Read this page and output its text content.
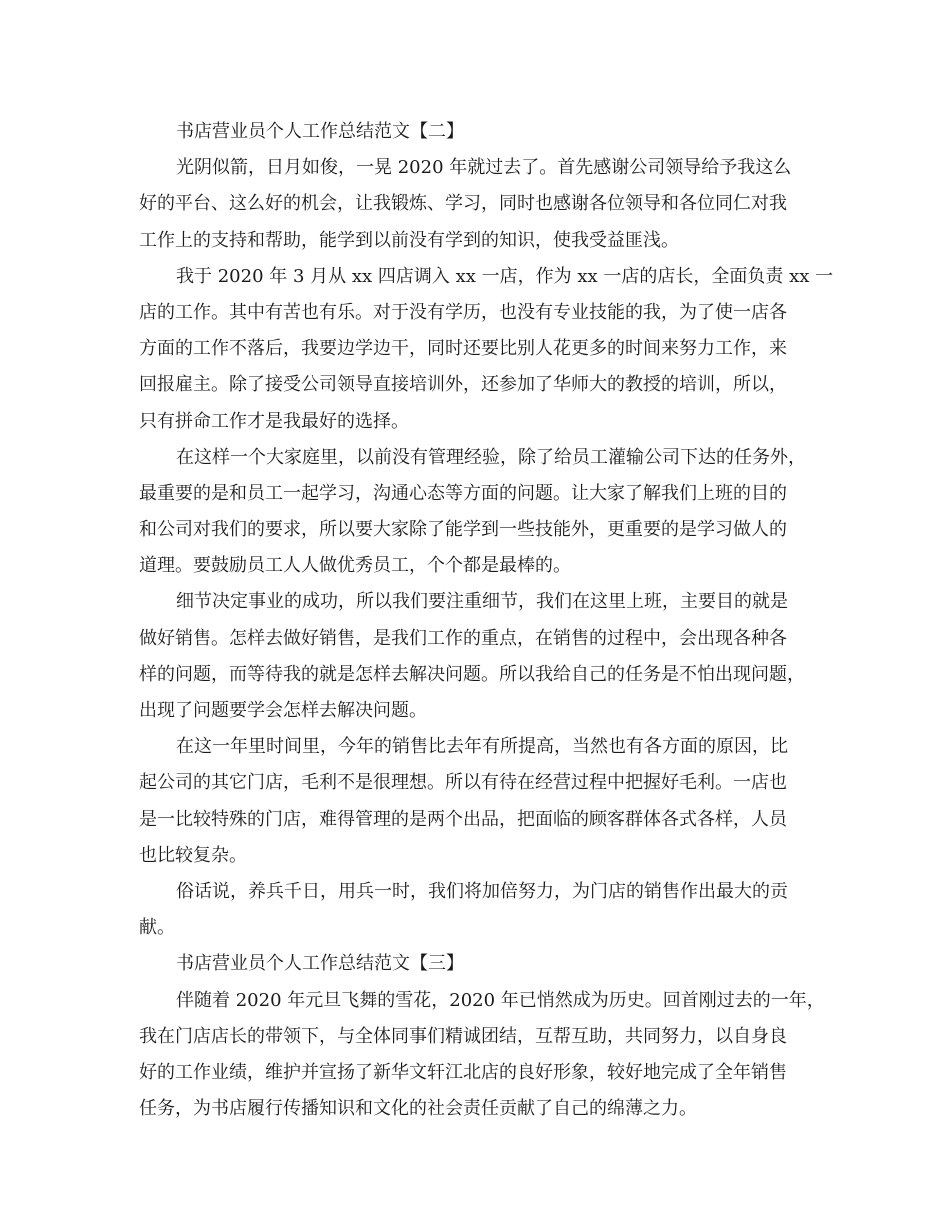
书店营业员个人工作总结范文【二】
光阴似箭，日月如俊，一晃 2020 年就过去了。首先感谢公司领导给予我这么
好的平台、这么好的机会，让我锻炼、学习，同时也感谢各位领导和各位同仁对我
工作上的支持和帮助，能学到以前没有学到的知识，使我受益匪浅。
我于 2020 年 3 月从 xx 四店调入 xx 一店，作为 xx 一店的店长，全面负责 xx 一
店的工作。其中有苦也有乐。对于没有学历，也没有专业技能的我，为了使一店各
方面的工作不落后，我要边学边干，同时还要比别人花更多的时间来努力工作，来
回报雇主。除了接受公司领导直接培训外，还参加了华师大的教授的培训，所以，
只有拼命工作才是我最好的选择。
在这样一个大家庭里，以前没有管理经验，除了给员工灌输公司下达的任务外，
最重要的是和员工一起学习，沟通心态等方面的问题。让大家了解我们上班的目的
和公司对我们的要求，所以要大家除了能学到一些技能外，更重要的是学习做人的
道理。要鼓励员工人人做优秀员工，个个都是最棒的。
细节决定事业的成功，所以我们要注重细节，我们在这里上班，主要目的就是
做好销售。怎样去做好销售，是我们工作的重点，在销售的过程中，会出现各种各
样的问题，而等待我的就是怎样去解决问题。所以我给自己的任务是不怕出现问题，
出现了问题要学会怎样去解决问题。
在这一年里时间里，今年的销售比去年有所提高，当然也有各方面的原因，比
起公司的其它门店，毛利不是很理想。所以有待在经营过程中把握好毛利。一店也
是一比较特殊的门店，难得管理的是两个出品，把面临的顾客群体各式各样，人员
也比较复杂。
俗话说，养兵千日，用兵一时，我们将加倍努力，为门店的销售作出最大的贡
献。
书店营业员个人工作总结范文【三】
伴随着 2020 年元旦飞舞的雪花，2020 年已悄然成为历史。回首刚过去的一年，
我在门店店长的带领下，与全体同事们精诚团结，互帮互助，共同努力，以自身良
好的工作业绩，维护并宣扬了新华文轩江北店的良好形象，较好地完成了全年销售
任务，为书店履行传播知识和文化的社会责任贡献了自己的绵薄之力。
